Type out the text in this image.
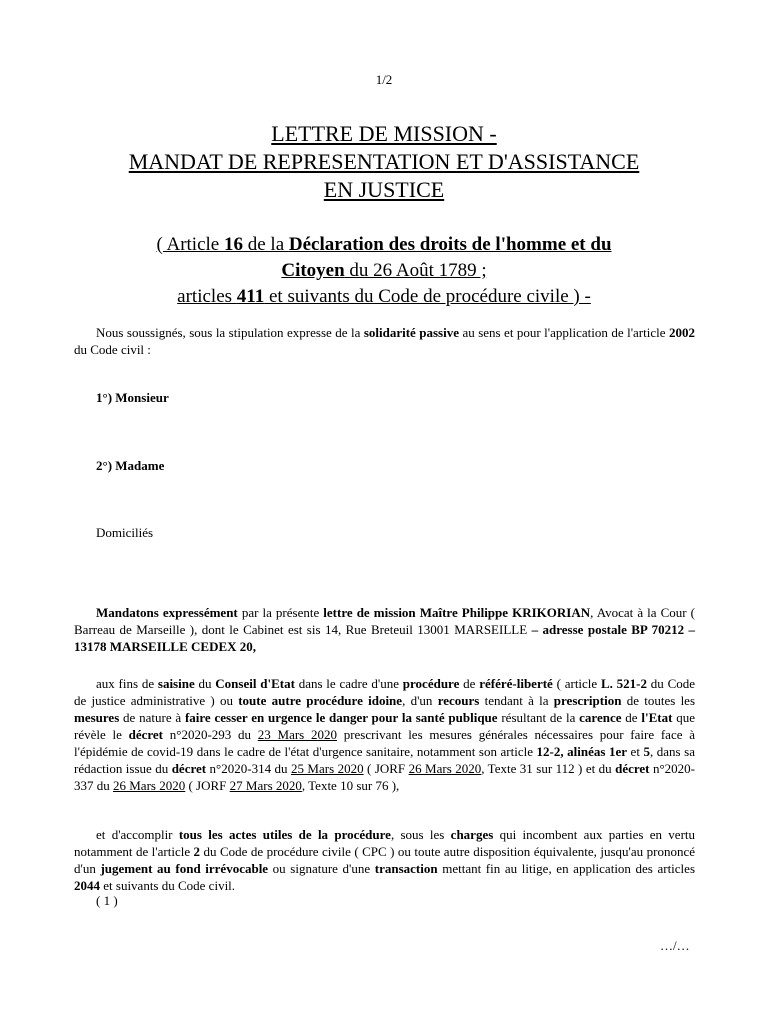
1/2
LETTRE DE MISSION -
MANDAT DE REPRESENTATION ET D'ASSISTANCE
EN JUSTICE
( Article 16 de la Déclaration des droits de l'homme et du
Citoyen du 26 Août 1789 ;
articles 411 et suivants du Code de procédure civile ) -

Nous soussignés, sous la stipulation expresse de la solidarité passive au sens et pour l'application de l'article 2002 du Code civil :

1°) Monsieur
2°) Madame
Domiciliés

Mandatons expressément par la présente lettre de mission Maître Philippe KRIKORIAN, Avocat à la Cour ( Barreau de Marseille ), dont le Cabinet est sis 14, Rue Breteuil 13001 MARSEILLE – adresse postale BP 70212 – 13178 MARSEILLE CEDEX 20,

aux fins de saisine du Conseil d'Etat dans le cadre d'une procédure de référé-liberté ( article L. 521-2 du Code de justice administrative ) ou toute autre procédure idoine, d'un recours tendant à la prescription de toutes les mesures de nature à faire cesser en urgence le danger pour la santé publique résultant de la carence de l'Etat que révèle le décret n°2020-293 du 23 Mars 2020 prescrivant les mesures générales nécessaires pour faire face à l'épidémie de covid-19 dans le cadre de l'état d'urgence sanitaire, notamment son article 12-2, alinéas 1er et 5, dans sa rédaction issue du décret n°2020-314 du 25 Mars 2020 ( JORF 26 Mars 2020, Texte 31 sur 112 ) et du décret n°2020-337 du 26 Mars 2020 ( JORF 27 Mars 2020, Texte 10 sur 76 ),

et d'accomplir tous les actes utiles de la procédure, sous les charges qui incombent aux parties en vertu notamment de l'article 2 du Code de procédure civile ( CPC ) ou toute autre disposition équivalente, jusqu'au prononcé d'un jugement au fond irrévocable ou signature d'une transaction mettant fin au litige, en application des articles 2044 et suivants du Code civil.

( 1 )
…/…
